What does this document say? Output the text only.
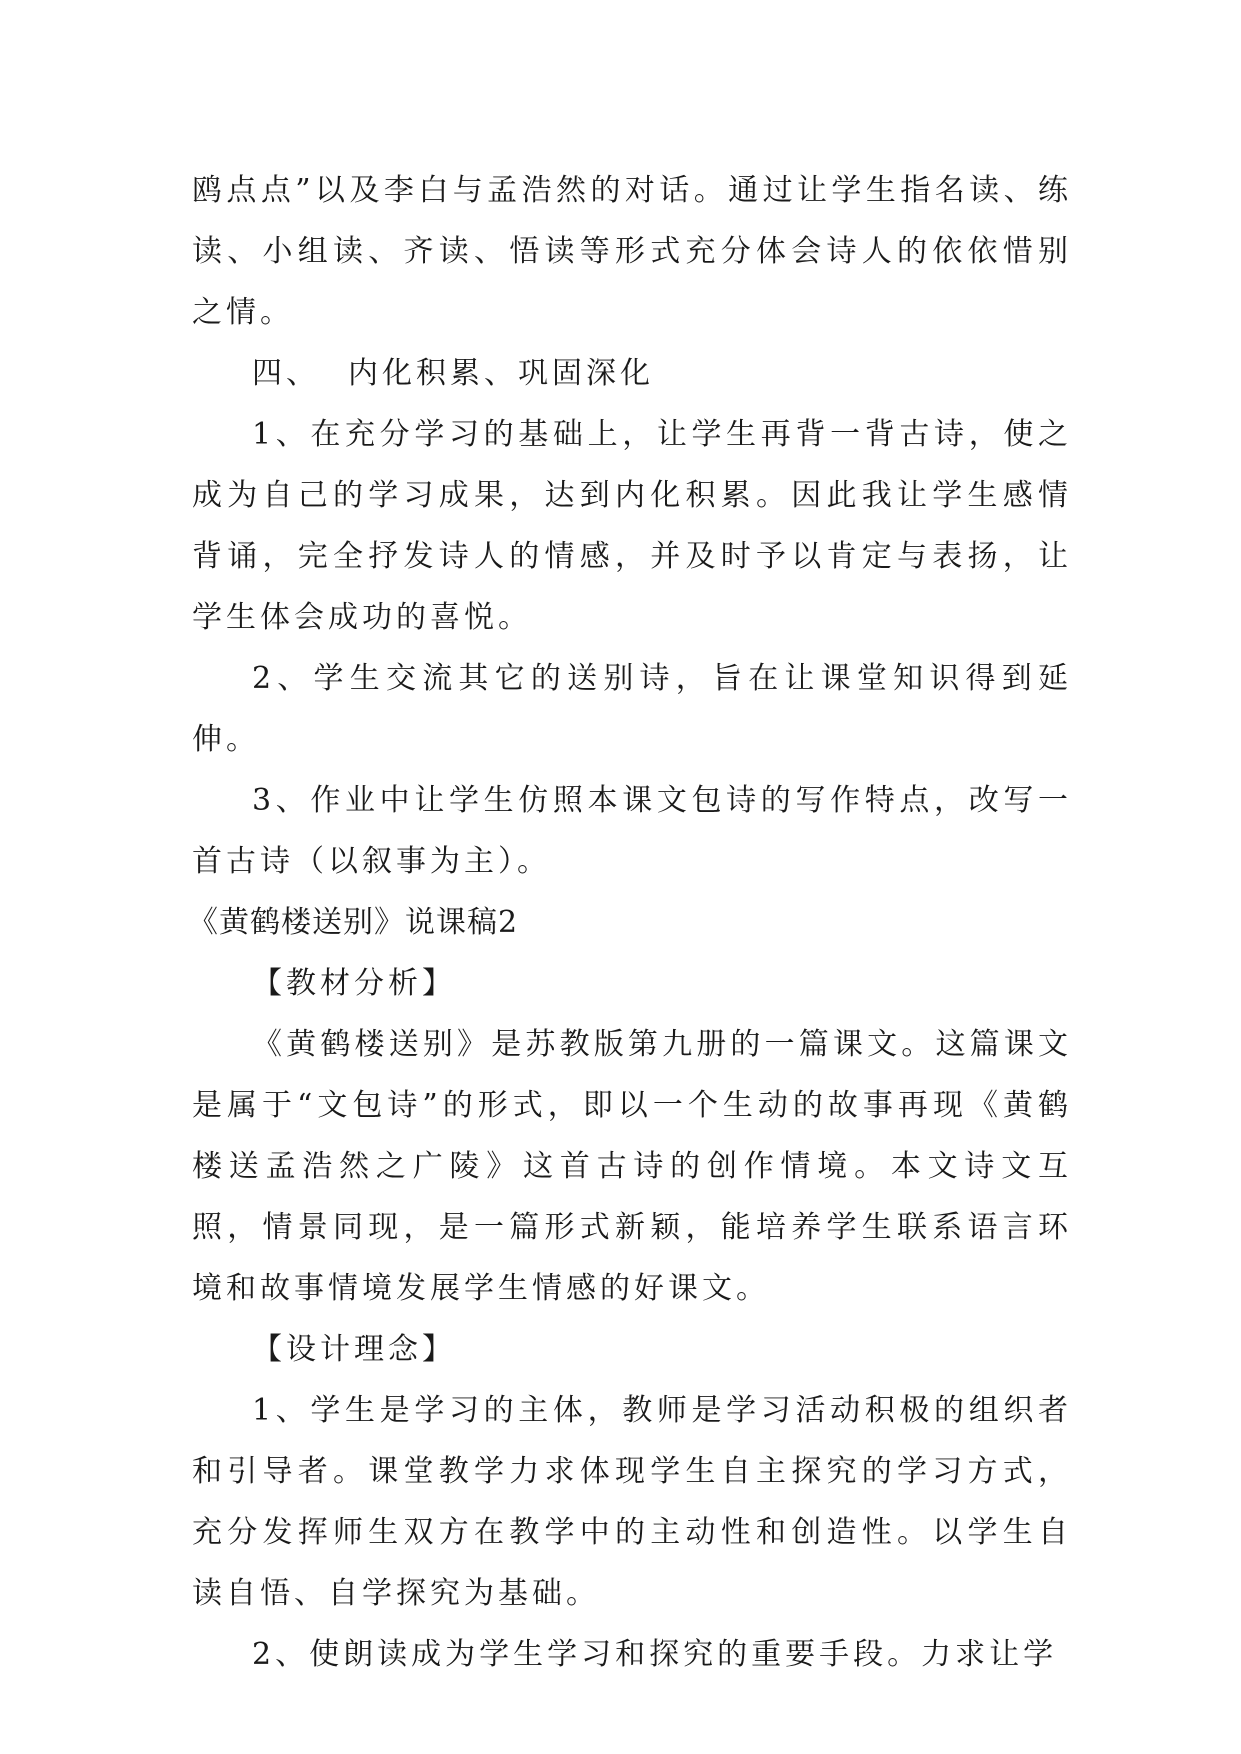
鸥点点”以及李白与孟浩然的对话。通过让学生指名读、练读、小组读、齐读、悟读等形式充分体会诗人的依依惜别之情。

四、 内化积累、巩固深化

1、在充分学习的基础上，让学生再背一背古诗，使之成为自己的学习成果，达到内化积累。因此我让学生感情背诵，完全抒发诗人的情感，并及时予以肯定与表扬，让学生体会成功的喜悦。

2、学生交流其它的送别诗，旨在让课堂知识得到延伸。

3、作业中让学生仿照本课文包诗的写作特点，改写一首古诗（以叙事为主）。

《黄鹤楼送别》说课稿2

【教材分析】

《黄鹤楼送别》是苏教版第九册的一篇课文。这篇课文是属于“文包诗”的形式，即以一个生动的故事再现《黄鹤楼送孟浩然之广陵》这首古诗的创作情境。本文诗文互照，情景同现，是一篇形式新颖，能培养学生联系语言环境和故事情境发展学生情感的好课文。

【设计理念】

1、学生是学习的主体，教师是学习活动积极的组织者和引导者。课堂教学力求体现学生自主探究的学习方式，充分发挥师生双方在教学中的主动性和创造性。以学生自读自悟、自学探究为基础。

2、使朗读成为学生学习和探究的重要手段。力求让学
